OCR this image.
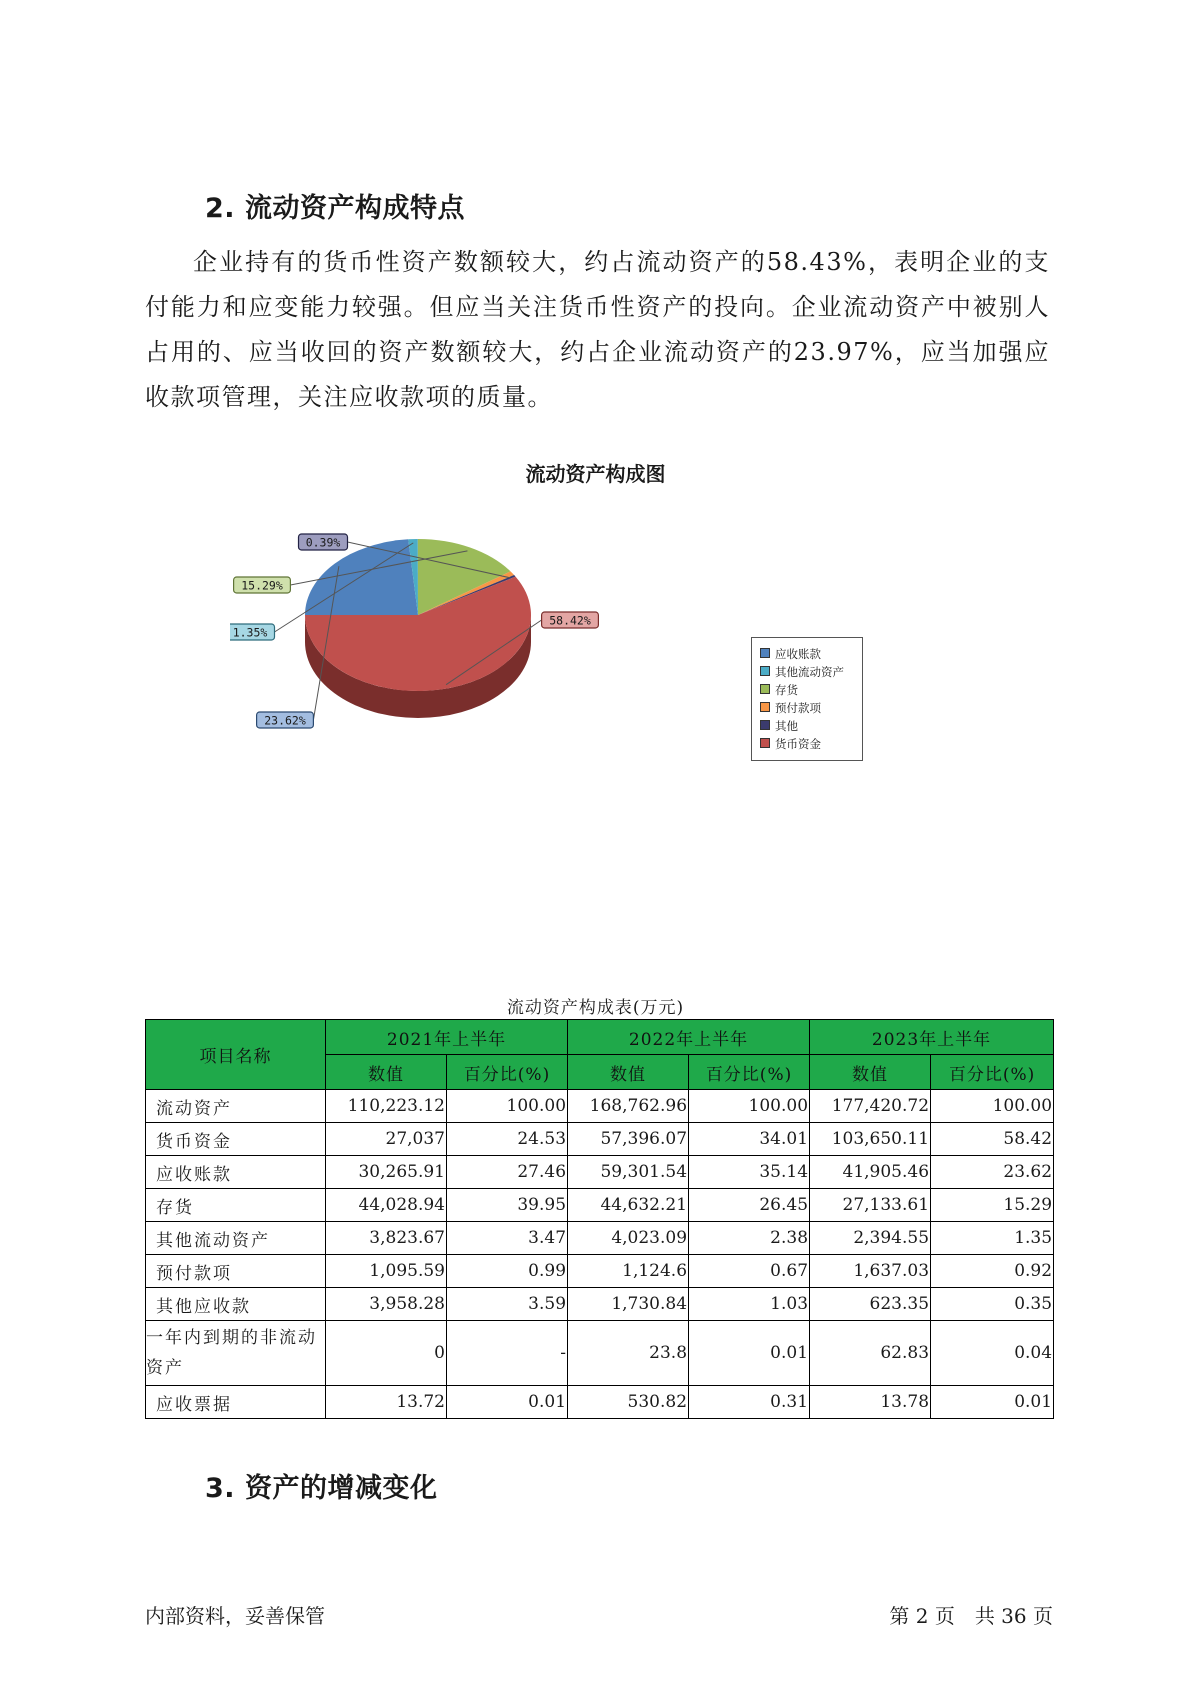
2. 流动资产构成特点

企业持有的货币性资产数额较大，约占流动资产的58.43%，表明企业的支付能力和应变能力较强。但应当关注货币性资产的投向。企业流动资产中被别人占用的、应当收回的资产数额较大，约占企业流动资产的23.97%，应当加强应收款项管理，关注应收款项的质量。

流动资产构成图
23.62%
1.35%
15.29%
0.39%
58.42%
应收账款
其他流动资产
存货
预付款项
其他
货币资金
流动资产构成表(万元)
项目名称	2021年上半年		2022年上半年		2023年上半年	
	数值	百分比(%)	数值	百分比(%)	数值	百分比(%)
流动资产	110,223.12	100.00	168,762.96	100.00	177,420.72	100.00
货币资金	27,037	24.53	57,396.07	34.01	103,650.11	58.42
应收账款	30,265.91	27.46	59,301.54	35.14	41,905.46	23.62
存货	44,028.94	39.95	44,632.21	26.45	27,133.61	15.29
其他流动资产	3,823.67	3.47	4,023.09	2.38	2,394.55	1.35
预付款项	1,095.59	0.99	1,124.6	0.67	1,637.03	0.92
其他应收款	3,958.28	3.59	1,730.84	1.03	623.35	0.35
一年内到期的非流动资产	0	-	23.8	0.01	62.83	0.04
应收票据	13.72	0.01	530.82	0.31	13.78	0.01
3. 资产的增减变化
内部资料，妥善保管	第 2 页　共 36 页
